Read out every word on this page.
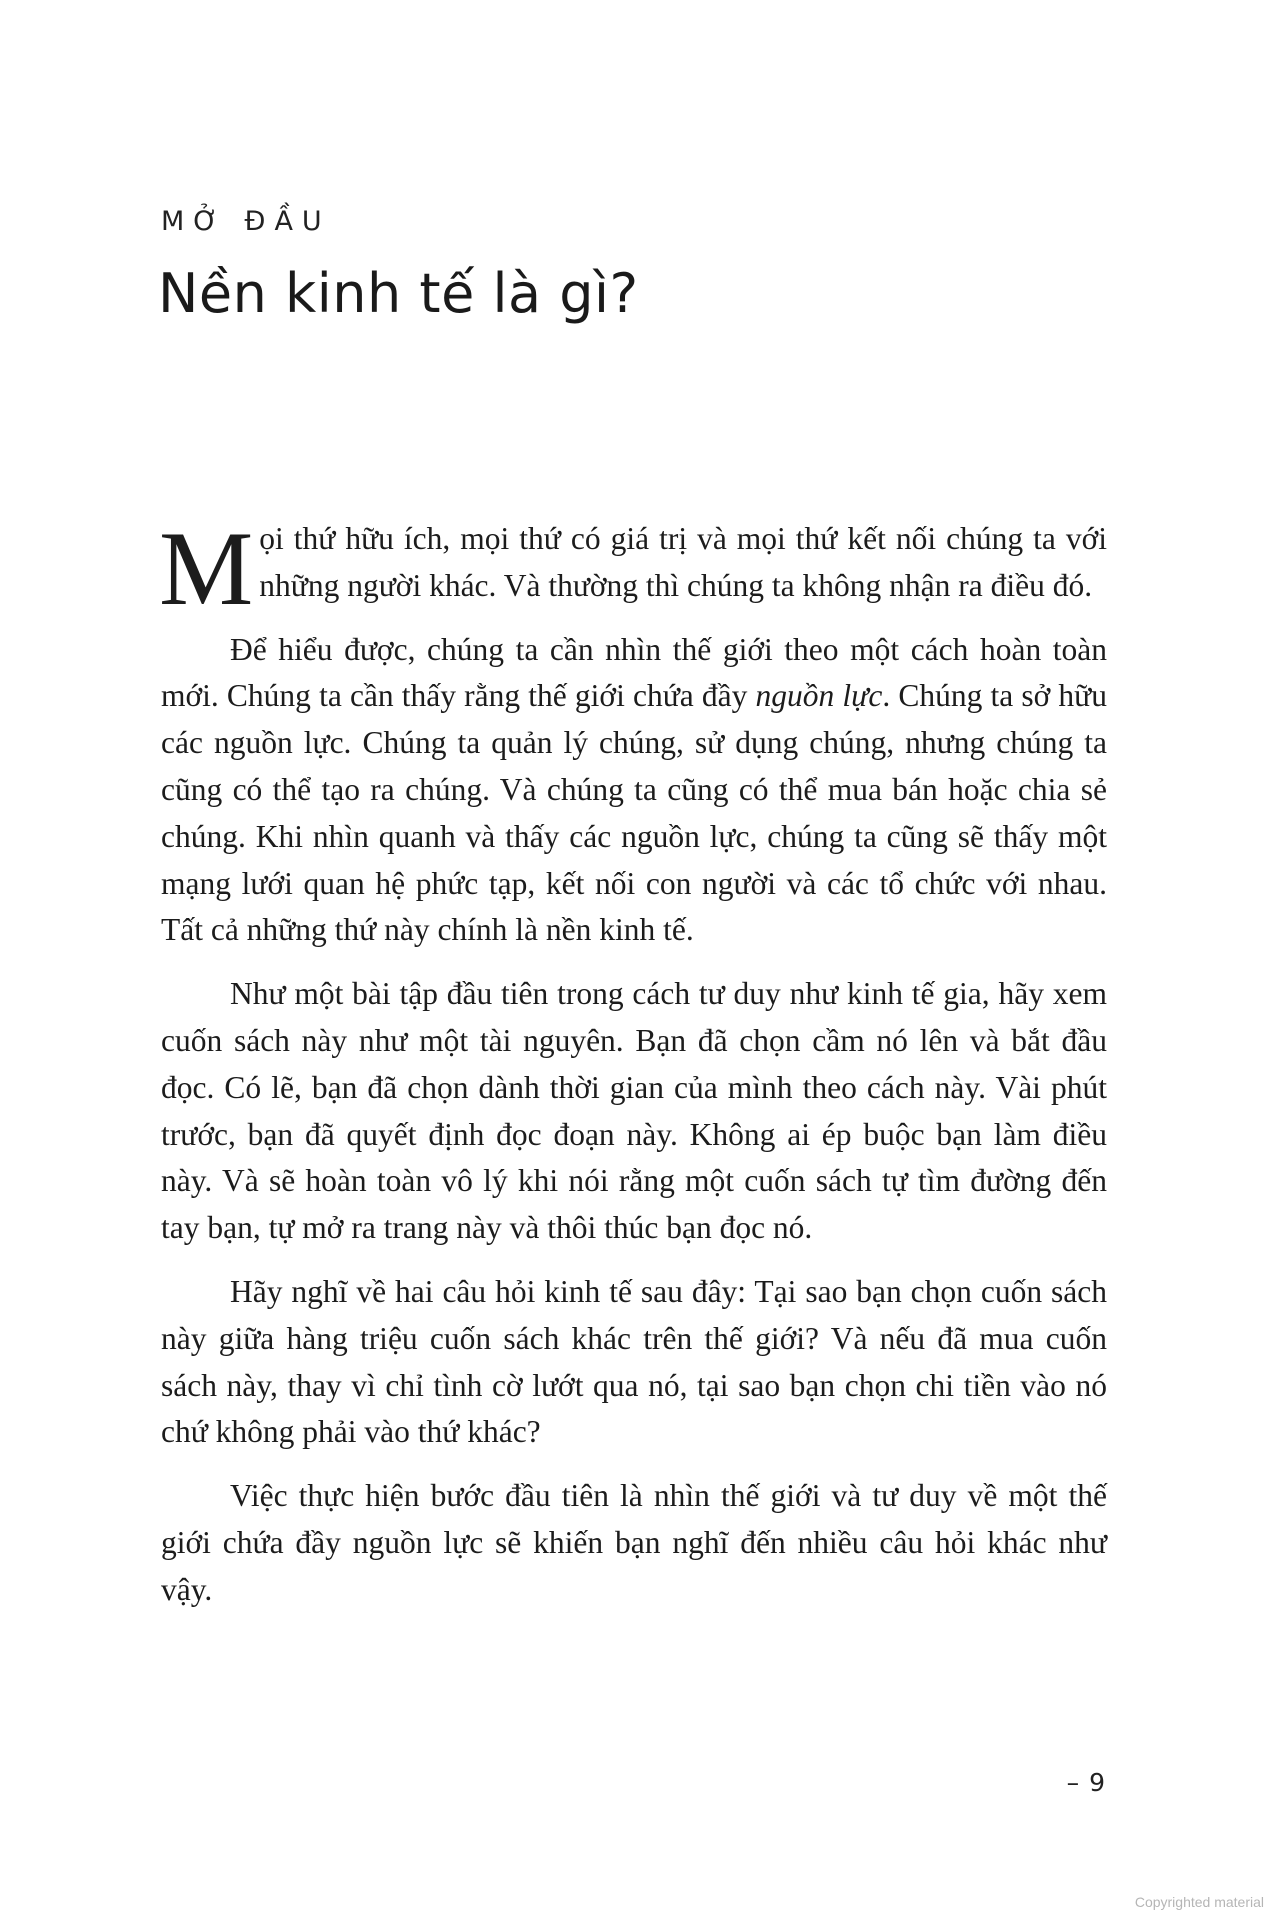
MỞ ĐẦU
Nền kinh tế là gì?

Mọi thứ hữu ích, mọi thứ có giá trị và mọi thứ kết nối chúng ta với những người khác. Và thường thì chúng ta không nhận ra điều đó.

Để hiểu được, chúng ta cần nhìn thế giới theo một cách hoàn toàn mới. Chúng ta cần thấy rằng thế giới chứa đầy nguồn lực. Chúng ta sở hữu các nguồn lực. Chúng ta quản lý chúng, sử dụng chúng, nhưng chúng ta cũng có thể tạo ra chúng. Và chúng ta cũng có thể mua bán hoặc chia sẻ chúng. Khi nhìn quanh và thấy các nguồn lực, chúng ta cũng sẽ thấy một mạng lưới quan hệ phức tạp, kết nối con người và các tổ chức với nhau. Tất cả những thứ này chính là nền kinh tế.

Như một bài tập đầu tiên trong cách tư duy như kinh tế gia, hãy xem cuốn sách này như một tài nguyên. Bạn đã chọn cầm nó lên và bắt đầu đọc. Có lẽ, bạn đã chọn dành thời gian của mình theo cách này. Vài phút trước, bạn đã quyết định đọc đoạn này. Không ai ép buộc bạn làm điều này. Và sẽ hoàn toàn vô lý khi nói rằng một cuốn sách tự tìm đường đến tay bạn, tự mở ra trang này và thôi thúc bạn đọc nó.

Hãy nghĩ về hai câu hỏi kinh tế sau đây: Tại sao bạn chọn cuốn sách này giữa hàng triệu cuốn sách khác trên thế giới? Và nếu đã mua cuốn sách này, thay vì chỉ tình cờ lướt qua nó, tại sao bạn chọn chi tiền vào nó chứ không phải vào thứ khác?

Việc thực hiện bước đầu tiên là nhìn thế giới và tư duy về một thế giới chứa đầy nguồn lực sẽ khiến bạn nghĩ đến nhiều câu hỏi khác như vậy.

– 9
Copyrighted material
